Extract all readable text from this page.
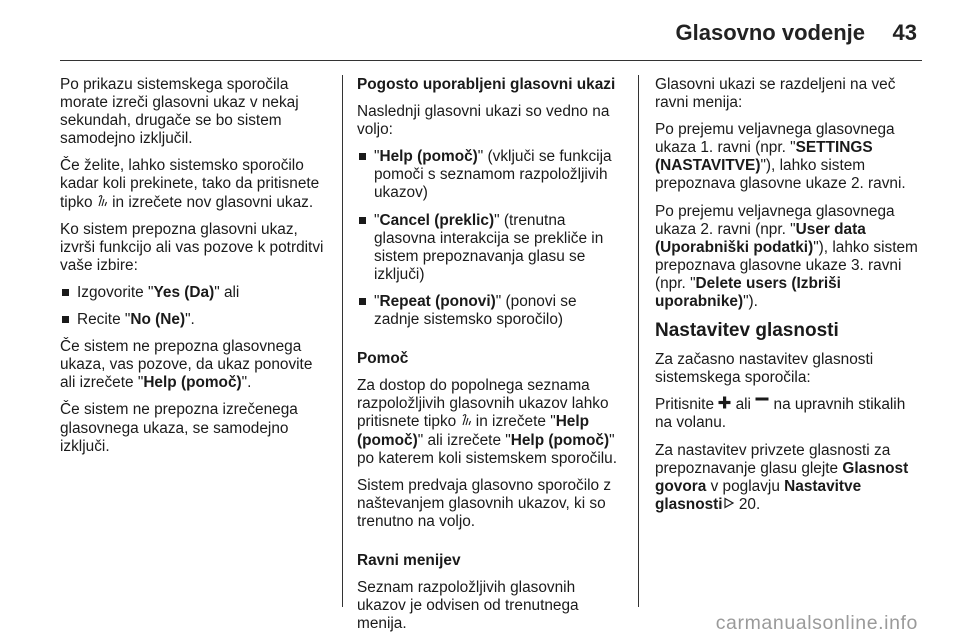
Glasovno vodenje 43

Po prikazu sistemskega sporočila morate izreči glasovni ukaz v nekaj sekundah, drugače se bo sistem samodejno izključil.

Če želite, lahko sistemsko sporočilo kadar koli prekinete, tako da pritisnete tipko  in izrečete nov glasovni ukaz.

Ko sistem prepozna glasovni ukaz, izvrši funkcijo ali vas pozove k potrditvi vaše izbire:

Izgovorite "Yes (Da)" ali
Recite "No (Ne)".

Če sistem ne prepozna glasovnega ukaza, vas pozove, da ukaz ponovite ali izrečete "Help (pomoč)".

Če sistem ne prepozna izrečenega glasovnega ukaza, se samodejno izključi.

Pogosto uporabljeni glasovni ukazi

Naslednji glasovni ukazi so vedno na voljo:

"Help (pomoč)" (vključi se funkcija pomoči s seznamom razpoložljivih ukazov)
"Cancel (preklic)" (trenutna glasovna interakcija se prekliče in sistem prepoznavanja glasu se izključi)
"Repeat (ponovi)" (ponovi se zadnje sistemsko sporočilo)

Pomoč

Za dostop do popolnega seznama razpoložljivih glasovnih ukazov lahko pritisnete tipko  in izrečete "Help (pomoč)" ali izrečete "Help (pomoč)" po katerem koli sistemskem sporočilu.

Sistem predvaja glasovno sporočilo z naštevanjem glasovnih ukazov, ki so trenutno na voljo.

Ravni menijev

Seznam razpoložljivih glasovnih ukazov je odvisen od trenutnega menija.

Glasovni ukazi se razdeljeni na več ravni menija:

Po prejemu veljavnega glasovnega ukaza 1. ravni (npr. "SETTINGS (NASTAVITVE)"), lahko sistem prepoznava glasovne ukaze 2. ravni.

Po prejemu veljavnega glasovnega ukaza 2. ravni (npr. "User data (Uporabniški podatki)"), lahko sistem prepoznava glasovne ukaze 3. ravni (npr. "Delete users (Izbriši uporabnike)").

Nastavitev glasnosti

Za začasno nastavitev glasnosti sistemskega sporočila:

Pritisnite  ali  na upravnih stikalih na volanu.

Za nastavitev privzete glasnosti za prepoznavanje glasu glejte Glasnost govora v poglavju Nastavitve glasnosti 20.

carmanualsonline.info
